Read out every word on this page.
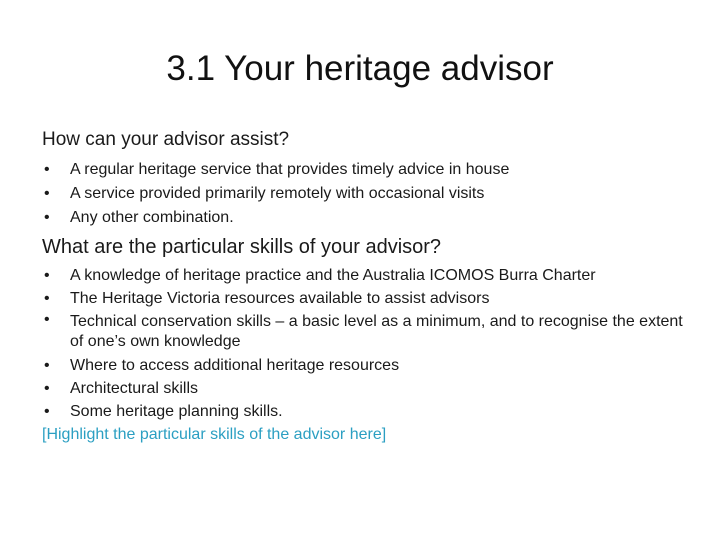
3.1 Your heritage advisor
How can your advisor assist?
• A regular heritage service that provides timely advice in house
• A service provided primarily remotely with occasional visits
• Any other combination.
What are the particular skills of your advisor?
• A knowledge of heritage practice and the Australia ICOMOS Burra Charter
• The Heritage Victoria resources available to assist advisors
• Technical conservation skills – a basic level as a minimum, and to recognise the extent of one’s own knowledge
• Where to access additional heritage resources
• Architectural skills
• Some heritage planning skills.
[Highlight the particular skills of the advisor here]
